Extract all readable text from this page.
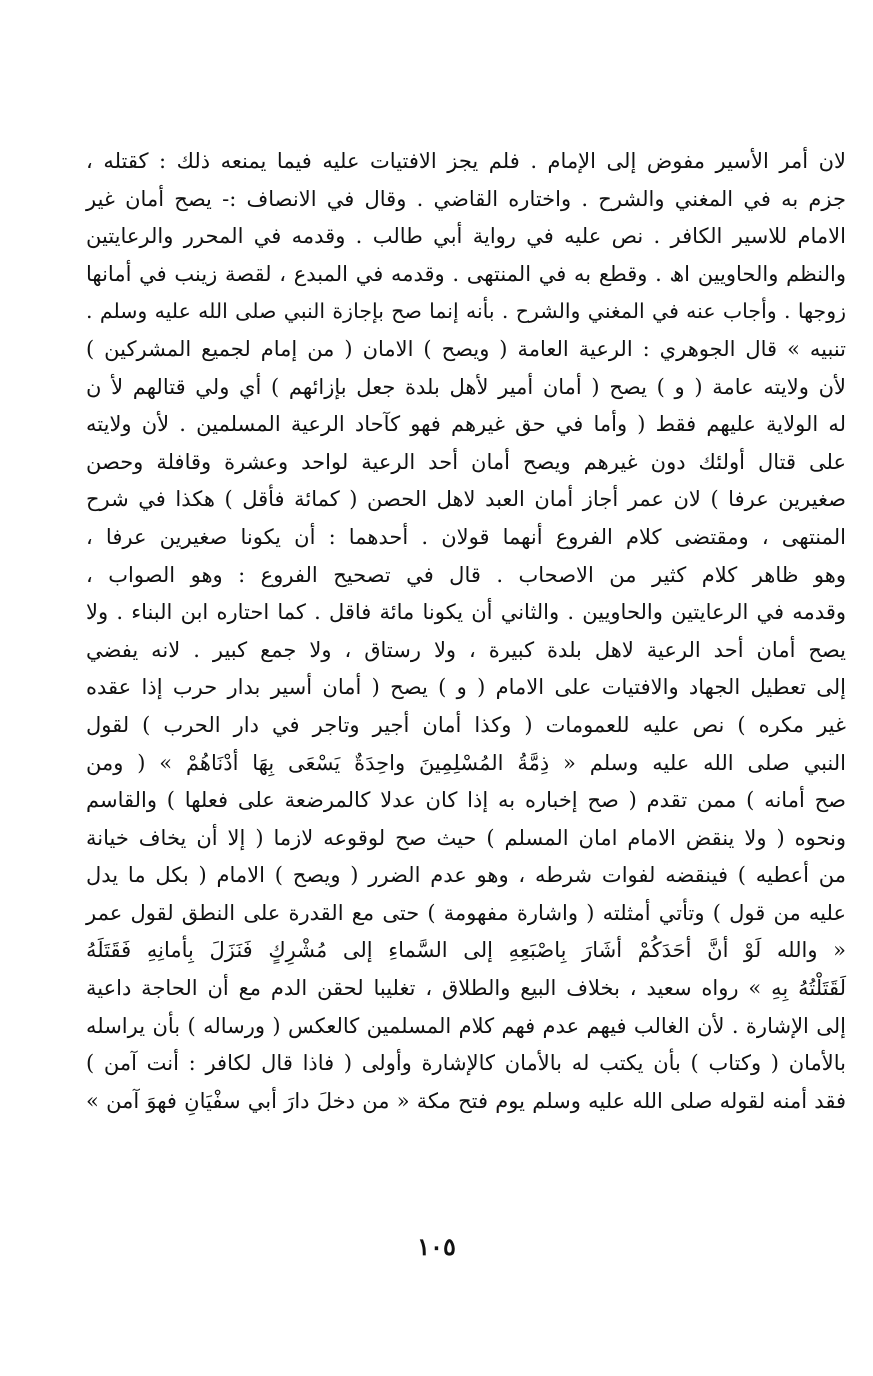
لان أمر الأسير مفوض إلى الإمام . فلم يجز الافتيات عليه فيما يمنعه ذلك : كقتله ،
جزم به في المغني والشرح . واختاره القاضي . وقال في الانصاف :- يصح أمان غير
الامام للاسير الكافر . نص عليه في رواية أبي طالب . وقدمه في المحرر والرعايتين
والنظم والحاويين اھ . وقطع به في المنتهى . وقدمه في المبدع ، لقصة زينب في أمانها
زوجها . وأجاب عنه في المغني والشرح . بأنه إنما صح بإجازة النبي صلى الله عليه وسلم .
تنبيه » قال الجوهري : الرعية العامة ( ويصح ) الامان ( من إمام لجميع المشركين )
لأن ولايته عامة ( و ) يصح ( أمان أمير لأهل بلدة جعل بإزائهم ) أي ولي قتالهم لأ ن
له الولاية عليهم فقط ( وأما في حق غيرهم فهو كآحاد الرعية المسلمين . لأن ولايته
على قتال أولئك دون غيرهم ويصح أمان أحد الرعية لواحد وعشرة وقافلة وحصن
صغيرين عرفا ) لان عمر أجاز أمان العبد لاهل الحصن ( كمائة فأقل ) هكذا في شرح
المنتهى ، ومقتضى كلام الفروع أنهما قولان . أحدهما : أن يكونا صغيرين عرفا ،
وهو ظاهر كلام كثير من الاصحاب . قال في تصحيح الفروع : وهو الصواب ،
وقدمه في الرعايتين والحاويين . والثاني أن يكونا مائة فاقل . كما احتاره ابن البناء . ولا
يصح أمان أحد الرعية لاهل بلدة كبيرة ، ولا رستاق ، ولا جمع كبير . لانه يفضي
إلى تعطيل الجهاد والافتيات على الامام ( و ) يصح ( أمان أسير بدار حرب إذا عقده
غير مكره ) نص عليه للعمومات ( وكذا أمان أجير وتاجر في دار الحرب ) لقول
النبي صلى الله عليه وسلم « ذِمَّةُ المُسْلِمِينَ واحِدَةٌ يَسْعَى بِهَا أدْنَاهُمْ » ( ومن
صح أمانه ) ممن تقدم ( صح إخباره به إذا كان عدلا كالمرضعة على فعلها ) والقاسم
ونحوه ( ولا ينقض الامام امان المسلم ) حيث صح لوقوعه لازما ( إلا أن يخاف خيانة
من أعطيه ) فينقضه لفوات شرطه ، وهو عدم الضرر ( ويصح ) الامام ( بكل ما يدل
عليه من قول ) وتأتي أمثلته ( واشارة مفهومة ) حتى مع القدرة على النطق لقول عمر
« والله لَوْ أنَّ أحَدَكُمْ أشَارَ بِاصْبَعِهِ إلى السَّماءِ إلى مُشْرِكٍ فَنَزَلَ بِأمانِهِ فَقَتَلَهُ
لَقَتَلْتُهُ بِهِ » رواه سعيد ، بخلاف البيع والطلاق ، تغليبا لحقن الدم مع أن الحاجة داعية
إلى الإشارة . لأن الغالب فيهم عدم فهم كلام المسلمين كالعكس ( ورساله ) بأن يراسله
بالأمان ( وكتاب ) بأن يكتب له بالأمان كالإشارة وأولى ( فاذا قال لكافر : أنت آمن )
فقد أمنه لقوله صلى الله عليه وسلم يوم فتح مكة « من دخلَ دارَ أبي سفْيَانِ فهوَ آمن »
١٠٥
